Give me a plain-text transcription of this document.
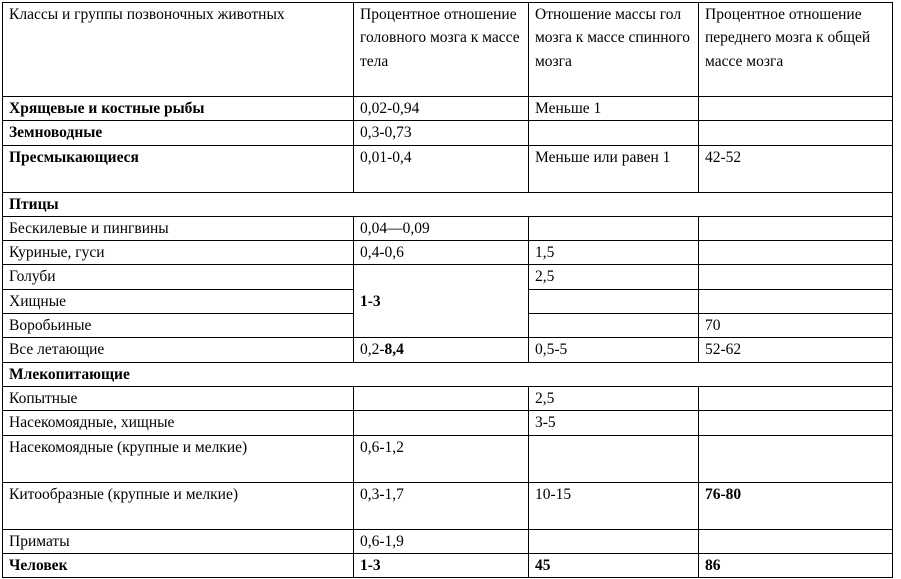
Классы и группы позвоночных животных	Процентное отношение головного мозга к массе тела	Отношение массы гол мозга к массе спинного мозга	Процентное отношение переднего мозга к общей массе мозга
Хрящевые и костные рыбы	0,02-0,94	Меньше 1	
Земноводные	0,3-0,73		
Пресмыкающиеся	0,01-0,4	Меньше или равен 1	42-52
Птицы			
Бескилевые и пингвины	0,04—0,09		
Куриные, гуси	0,4-0,6	1,5	
Голуби	1-3	2,5	
Хищные			
Воробьиные			70
Все летающие	0,2-8,4	0,5-5	52-62
Млекопитающие			
Копытные		2,5	
Насекомоядные, хищные		3-5	
Насекомоядные (крупные и мелкие)	0,6-1,2		
Китообразные (крупные и мелкие)	0,3-1,7	10-15	76-80
Приматы	0,6-1,9		
Человек	1-3	45	86
